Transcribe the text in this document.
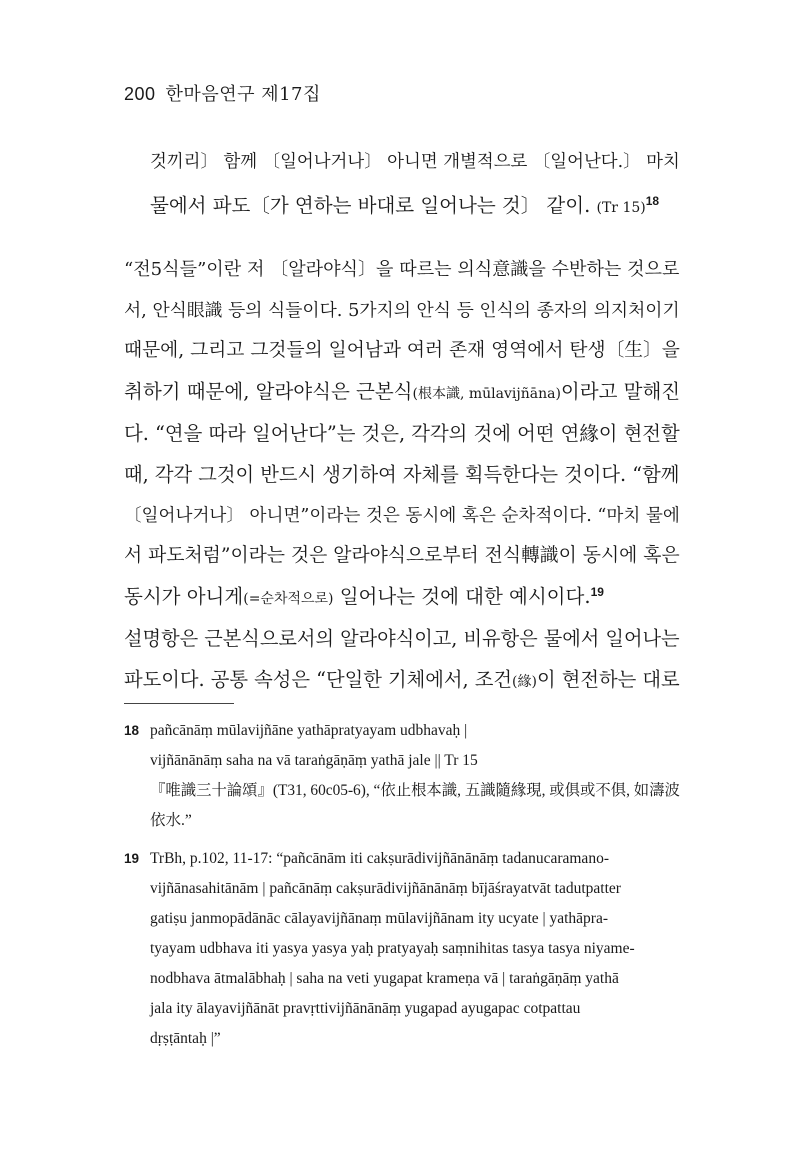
200 한마음연구 제17집
것끼리〕 함께 〔일어나거나〕 아니면 개별적으로 〔일어난다.〕 마치
물에서 파도〔가 연하는 바대로 일어나는 것〕 같이. (Tr 15)$^{18}$
“전5식들”이란 저 〔알라야식〕을 따르는 의식意識을 수반하는 것으로
서, 안식眼識 등의 식들이다. 5가지의 안식 등 인식의 종자의 의지처이기
때문에, 그리고 그것들의 일어남과 여러 존재 영역에서 탄생〔生〕을
취하기 때문에, 알라야식은 근본식(根本識, mūlavijñāna)이라고 말해진
다. “연을 따라 일어난다”는 것은, 각각의 것에 어떤 연緣이 현전할
때, 각각 그것이 반드시 생기하여 자체를 획득한다는 것이다. “함께
〔일어나거나〕 아니면”이라는 것은 동시에 혹은 순차적이다. “마치 물에
서 파도처럼”이라는 것은 알라야식으로부터 전식轉識이 동시에 혹은
동시가 아니게(=순차적으로) 일어나는 것에 대한 예시이다.$^{19}$
설명항은 근본식으로서의 알라야식이고, 비유항은 물에서 일어나는
파도이다. 공통 속성은 “단일한 기체에서, 조건(緣)이 현전하는 대로
18 pañcānāṃ mūlavijñāne yathāpratyayam udbhavaḥ |
vijñānānāṃ saha na vā taraṅgāṇāṃ yathā jale || Tr 15
『唯識三十論頌』(T31, 60c05-6), “依止根本識, 五識隨緣現, 或俱或不俱, 如濤波
依水.”
19 TrBh, p.102, 11-17: “pañcānām iti cakṣurādivijñānānāṃ tadanucaramano-
vijñānasahitānām | pañcānāṃ cakṣurādivijñānānāṃ bījāśrayatvāt tadutpatter
gatiṣu janmopādānāc cālayavijñānaṃ mūlavijñānam ity ucyate | yathāpra-
tyayam udbhava iti yasya yasya yaḥ pratyayaḥ saṃnihitas tasya tasya niyame-
nodbhava ātmalābhaḥ | saha na veti yugapat krameṇa vā | taraṅgāṇāṃ yathā
jala ity ālayavijñānāt pravṛttivijñānānāṃ yugapad ayugapac cotpattau
dṛṣṭāntaḥ |”
